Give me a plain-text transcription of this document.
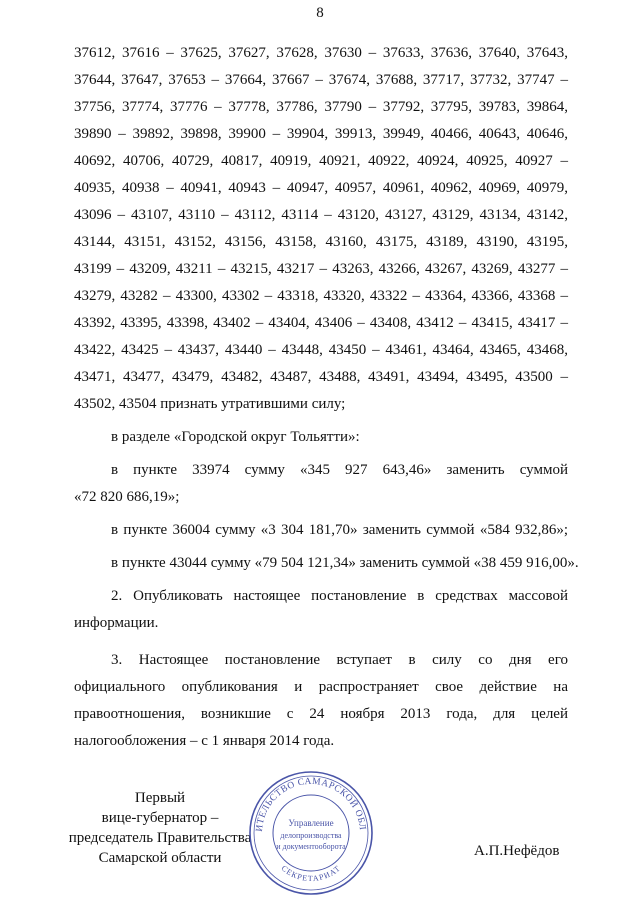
8
37612, 37616 – 37625, 37627, 37628, 37630 – 37633, 37636, 37640, 37643,
37644, 37647, 37653 – 37664, 37667 – 37674, 37688, 37717, 37732, 37747 –
37756, 37774, 37776 – 37778, 37786, 37790 – 37792, 37795, 39783, 39864,
39890 – 39892, 39898, 39900 – 39904, 39913, 39949, 40466, 40643, 40646,
40692, 40706, 40729, 40817, 40919, 40921, 40922, 40924, 40925, 40927 –
40935, 40938 – 40941, 40943 – 40947, 40957, 40961, 40962, 40969, 40979,
43096 – 43107, 43110 – 43112, 43114 – 43120, 43127, 43129, 43134, 43142,
43144, 43151, 43152, 43156, 43158, 43160, 43175, 43189, 43190, 43195,
43199 – 43209, 43211 – 43215, 43217 – 43263, 43266, 43267, 43269, 43277 –
43279, 43282 – 43300, 43302 – 43318, 43320, 43322 – 43364, 43366, 43368 –
43392, 43395, 43398, 43402 – 43404, 43406 – 43408, 43412 – 43415, 43417 –
43422, 43425 – 43437, 43440 – 43448, 43450 – 43461, 43464, 43465, 43468,
43471, 43477, 43479, 43482, 43487, 43488, 43491, 43494, 43495, 43500 –
43502, 43504 признать утратившими силу;
в разделе «Городской округ Тольятти»:
в пункте 33974 сумму «345 927 643,46» заменить суммой
«72 820 686,19»;
в пункте 36004 сумму «3 304 181,70» заменить суммой «584 932,86»;
в пункте 43044 сумму «79 504 121,34» заменить суммой «38 459 916,00».
2. Опубликовать настоящее постановление в средствах массовой
информации.
3. Настоящее постановление вступает в силу со дня его
официального опубликования и распространяет свое действие на
правоотношения, возникшие с 24 ноября 2013 года, для целей
налогообложения – с 1 января 2014 года.
Первый
вице-губернатор –
председатель Правительства
Самарской области
ИТЕЛЬСТВО САМАРСКОЙ ОБЛ
СЕКРЕТАРИАТ
Управление
делопроизводства
и документооборота	А.П.Нефёдов
